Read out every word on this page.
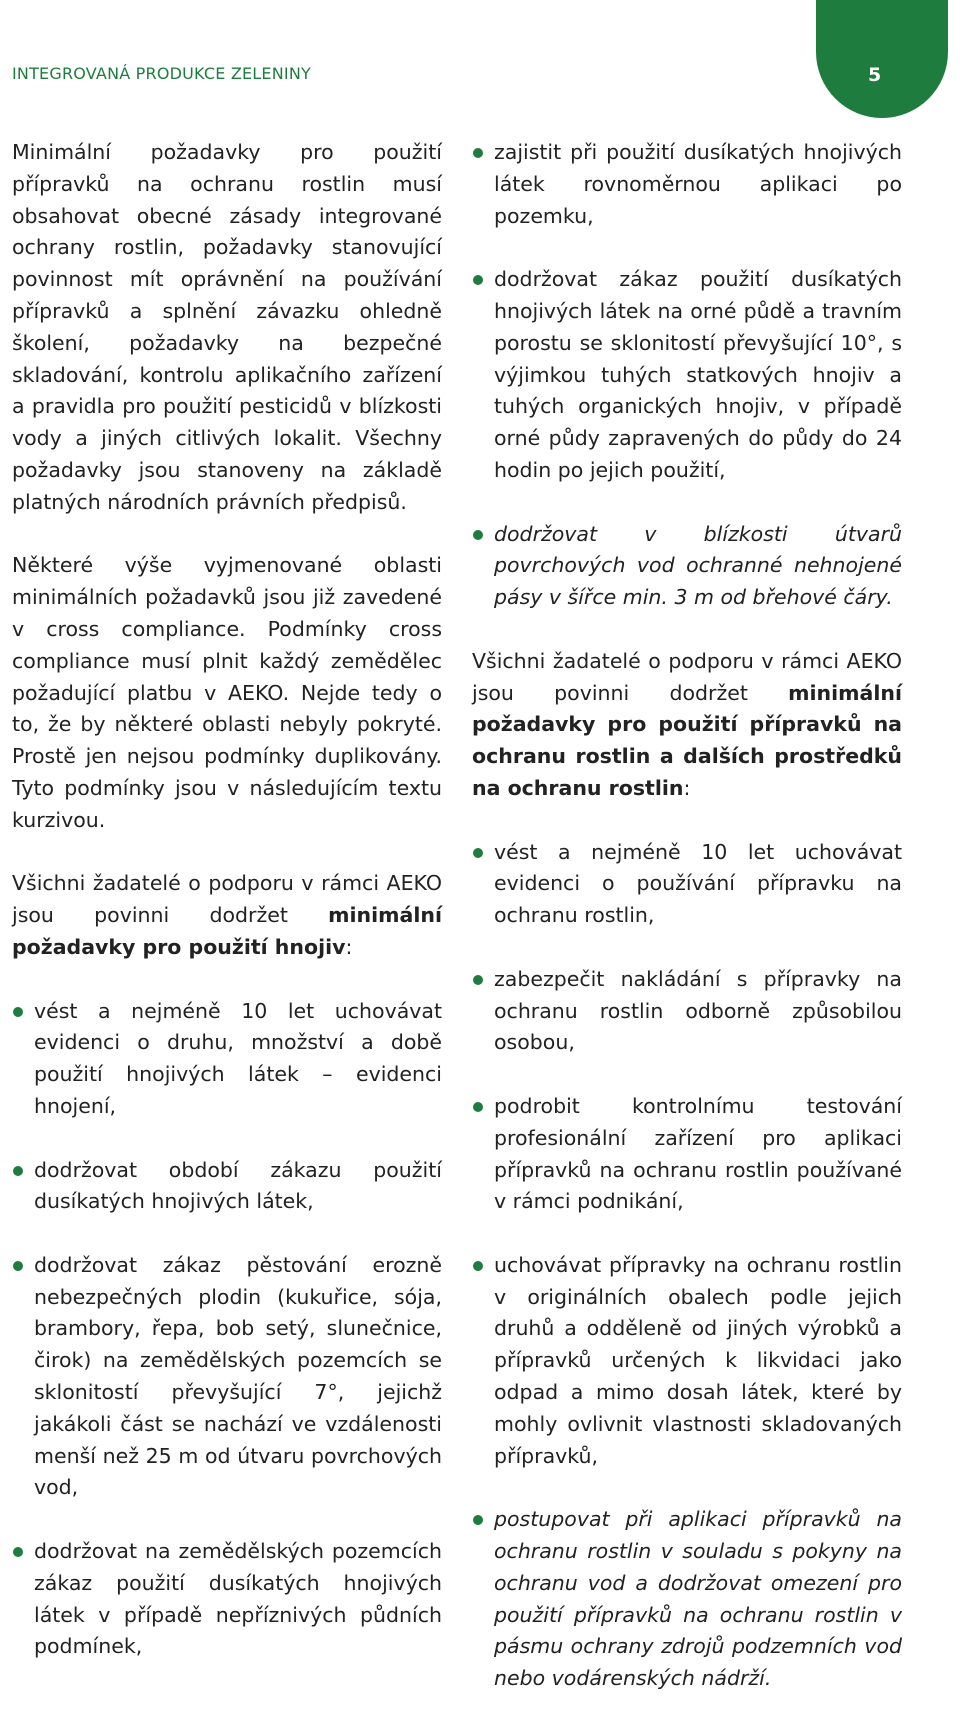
INTEGROVANÁ PRODUKCE ZELENINY	5

Minimální požadavky pro použití přípravků na ochranu rostlin musí obsahovat obecné zásady integrované ochrany rostlin, požadavky stanovující povinnost mít oprávnění na používání přípravků a splnění závazku ohledně školení, požadavky na bezpečné skladování, kontrolu aplikačního zařízení a pravidla pro použití pesticidů v blízkosti vody a jiných citlivých lokalit. Všechny požadavky jsou stanoveny na základě platných národních právních předpisů.

Některé výše vyjmenované oblasti minimálních požadavků jsou již zavedené v cross compliance. Podmínky cross compliance musí plnit každý zemědělec požadující platbu v AEKO. Nejde tedy o to, že by některé oblasti nebyly pokryté. Prostě jen nejsou podmínky duplikovány. Tyto podmínky jsou v následujícím textu kurzivou.

Všichni žadatelé o podporu v rámci AEKO jsou povinni dodržet minimální požadavky pro použití hnojiv:

vést a nejméně 10 let uchovávat evidenci o druhu, množství a době použití hnojivých látek – evidenci hnojení,
dodržovat období zákazu použití dusíkatých hnojivých látek,
dodržovat zákaz pěstování erozně nebezpečných plodin (kukuřice, sója, brambory, řepa, bob setý, slunečnice, čirok) na zemědělských pozemcích se sklonitostí převyšující 7°, jejichž jakákoli část se nachází ve vzdálenosti menší než 25 m od útvaru povrchových vod,
dodržovat na zemědělských pozemcích zákaz použití dusíkatých hnojivých látek v případě nepříznivých půdních podmínek,
zajistit při použití dusíkatých hnojivých látek rovnoměrnou aplikaci po pozemku,
dodržovat zákaz použití dusíkatých hnojivých látek na orné půdě a travním porostu se sklonitostí převyšující 10°, s výjimkou tuhých statkových hnojiv a tuhých organických hnojiv, v případě orné půdy zapravených do půdy do 24 hodin po jejich použití,
dodržovat v blízkosti útvarů povrchových vod ochranné nehnojené pásy v šířce min. 3 m od břehové čáry.

Všichni žadatelé o podporu v rámci AEKO jsou povinni dodržet minimální požadavky pro použití přípravků na ochranu rostlin a dalších prostředků na ochranu rostlin:

vést a nejméně 10 let uchovávat evidenci o používání přípravku na ochranu rostlin,
zabezpečit nakládání s přípravky na ochranu rostlin odborně způsobilou osobou,
podrobit kontrolnímu testování profesionální zařízení pro aplikaci přípravků na ochranu rostlin používané v rámci podnikání,
uchovávat přípravky na ochranu rostlin v originálních obalech podle jejich druhů a odděleně od jiných výrobků a přípravků určených k likvidaci jako odpad a mimo dosah látek, které by mohly ovlivnit vlastnosti skladovaných přípravků,
postupovat při aplikaci přípravků na ochranu rostlin v souladu s pokyny na ochranu vod a dodržovat omezení pro použití přípravků na ochranu rostlin v pásmu ochrany zdrojů podzemních vod nebo vodárenských nádrží.
